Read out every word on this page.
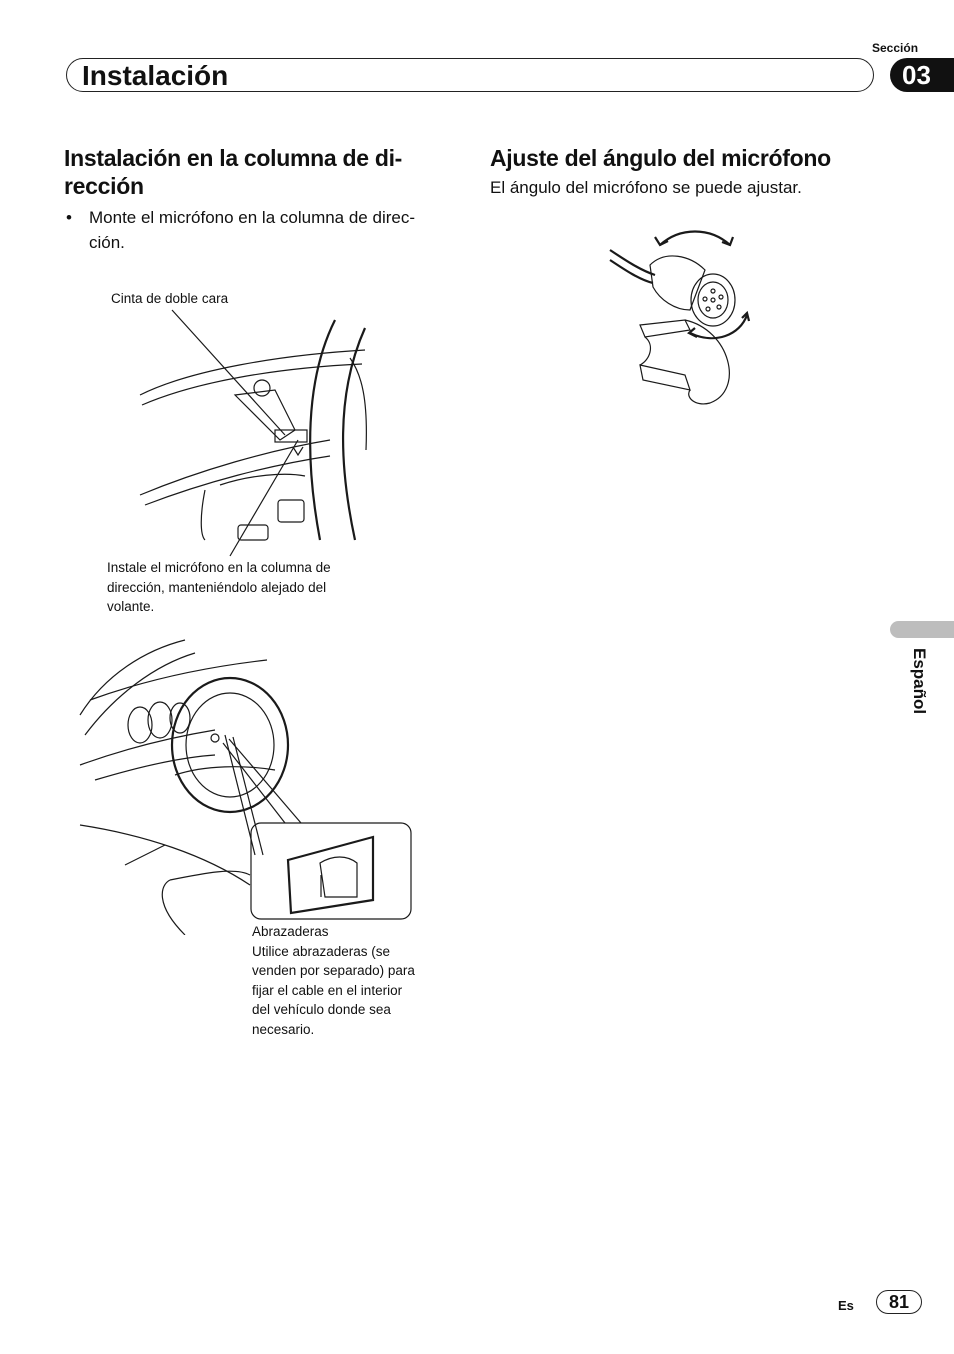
Sección
Instalación	03
Instalación en la columna de di-
rección
•	Monte el micrófono en la columna de direc-
ción.
Cinta de doble cara
Instale el micrófono en la columna de
dirección, manteniéndolo alejado del
volante.
Abrazaderas
Utilice abrazaderas (se
venden por separado) para
fijar el cable en el interior
del vehículo donde sea
necesario.
Ajuste del ángulo del micrófono
El ángulo del micrófono se puede ajustar.
Español
Es	81
